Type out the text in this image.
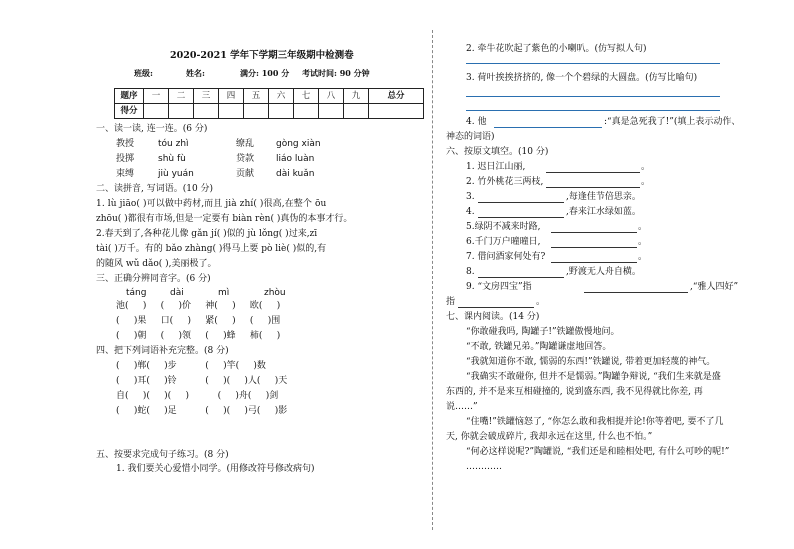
2020-2021 学年下学期三年级期中检测卷
班级:	姓名:	满分: 100 分 考试时间: 90 分钟
题序	一	二	三	四	五	六	七	八	九	总分
得分										
一、读一读, 连一连。(6 分)
教授	tóu zhì	缭乱 gòng xiàn
投掷	shù fù	贷款 liáo luàn
束缚	jiù yuán	贡献 dài kuǎn
二、读拼音, 写词语。(10 分)
1. lù jiāo( )可以做中药材,而且 jià zhí( )很高,在整个 ōu
zhōu( )都很有市场,但是一定要有 biàn rèn( )真伪的本事才行。
2.春天到了,各种花儿像 gǎn jí( )似的 jù lǒng( )过来,zī
tài( )万千。有的 bǎo zhàng( )得马上要 pò liè( )似的,有
的随风 wǔ dǎo( ),美丽极了。
三、正确分辨同音字。(6 分)
táng	dài	mì	zhòu
池(     )     (     )价     神(     )     欧(     )
(     )果     口(     )     紧(     )     (     )围
(     )朝     (     )领     (     )蜂     柿(     )
四、把下列词语补充完整。(8 分)
(     )郸(     )步          (     )竿(     )数
(     )耳(     )铃          (     )(     )人(     )天
自(     )(     )(     )          (     )舟(     )剑
(     )蛇(     )足          (     )(     )弓(     )影
五、按要求完成句子练习。(8 分)
1. 我们要关心爱惜小同学。(用修改符号修改病句)
2. 牵牛花吹起了紫色的小喇叭。(仿写拟人句)
3. 荷叶挨挨挤挤的, 像一个个碧绿的大圆盘。(仿写比喻句)
4. 他	:“真是急死我了!”(填上表示动作、
神态的词语)
六、按原文填空。(10 分)
1. 迟日江山丽,	。
2. 竹外桃花三两枝,	。
3.	,每逢佳节倍思亲。
4.	,春来江水绿如蓝。
5.绿阴不减来时路,	。
6.千门万户曈曈日,	。
7. 借问酒家何处有?	。
8.	,野渡无人舟自横。
9. “文房四宝”指	,“雅人四好”
指	。
七、课内阅读。(14 分)
“你敢碰我吗, 陶罐子!”铁罐傲慢地问。
“不敢, 铁罐兄弟。”陶罐谦虚地回答。
“我就知道你不敢, 懦弱的东西!”铁罐说, 带着更加轻蔑的神气。
“我确实不敢碰你, 但并不是懦弱。”陶罐争辩说, “我们生来就是盛
东西的, 并不是来互相碰撞的, 说到盛东西, 我不见得就比你差, 再
说……”
“住嘴!”铁罐恼怒了, “你怎么敢和我相提并论!你等着吧, 要不了几
天, 你就会破成碎片, 我却永远在这里, 什么也不怕。”
“何必这样说呢?”陶罐说, “我们还是和睦相处吧, 有什么可吵的呢!”
…………
